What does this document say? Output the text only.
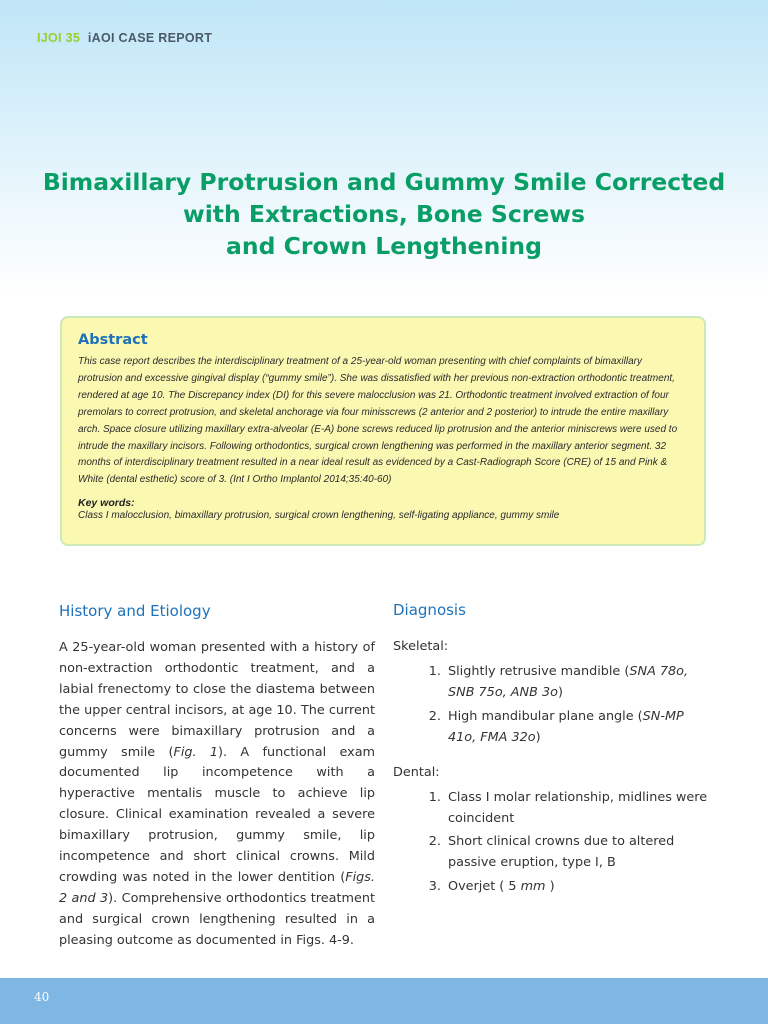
IJOI 35 iAOI CASE REPORT
Bimaxillary Protrusion and Gummy Smile Corrected
with Extractions, Bone Screws
and Crown Lengthening
Abstract

This case report describes the interdisciplinary treatment of a 25-year-old woman presenting with chief complaints of bimaxillary protrusion and excessive gingival display (“gummy smile”). She was dissatisfied with her previous non-extraction orthodontic treatment, rendered at age 10. The Discrepancy index (DI) for this severe malocclusion was 21. Orthodontic treatment involved extraction of four premolars to correct protrusion, and skeletal anchorage via four minisscrews (2 anterior and 2 posterior) to intrude the entire maxillary arch. Space closure utilizing maxillary extra-alveolar (E-A) bone screws reduced lip protrusion and the anterior miniscrews were used to intrude the maxillary incisors. Following orthodontics, surgical crown lengthening was performed in the maxillary anterior segment. 32 months of interdisciplinary treatment resulted in a near ideal result as evidenced by a Cast-Radiograph Score (CRE) of 15 and Pink & White (dental esthetic) score of 3. (Int I Ortho Implantol 2014;35:40-60)

Key words:

Class I malocclusion, bimaxillary protrusion, surgical crown lengthening, self-ligating appliance, gummy smile

History and Etiology

A 25-year-old woman presented with a history of non-extraction orthodontic treatment, and a labial frenectomy to close the diastema between the upper central incisors, at age 10. The current concerns were bimaxillary protrusion and a gummy smile (Fig. 1). A functional exam documented lip incompetence with a hyperactive mentalis muscle to achieve lip closure. Clinical examination revealed a severe bimaxillary protrusion, gummy smile, lip incompetence and short clinical crowns. Mild crowding was noted in the lower dentition (Figs. 2 and 3). Comprehensive orthodontics treatment and surgical crown lengthening resulted in a pleasing outcome as documented in Figs. 4-9.

Diagnosis

Skeletal:

1. Slightly retrusive mandible (SNA 78o, SNB 75o, ANB 3o)
2. High mandibular plane angle (SN-MP 41o, FMA 32o)

Dental:

1. Class I molar relationship, midlines were coincident
2. Short clinical crowns due to altered passive eruption, type I, B
3. Overjet ( 5 mm )
40
